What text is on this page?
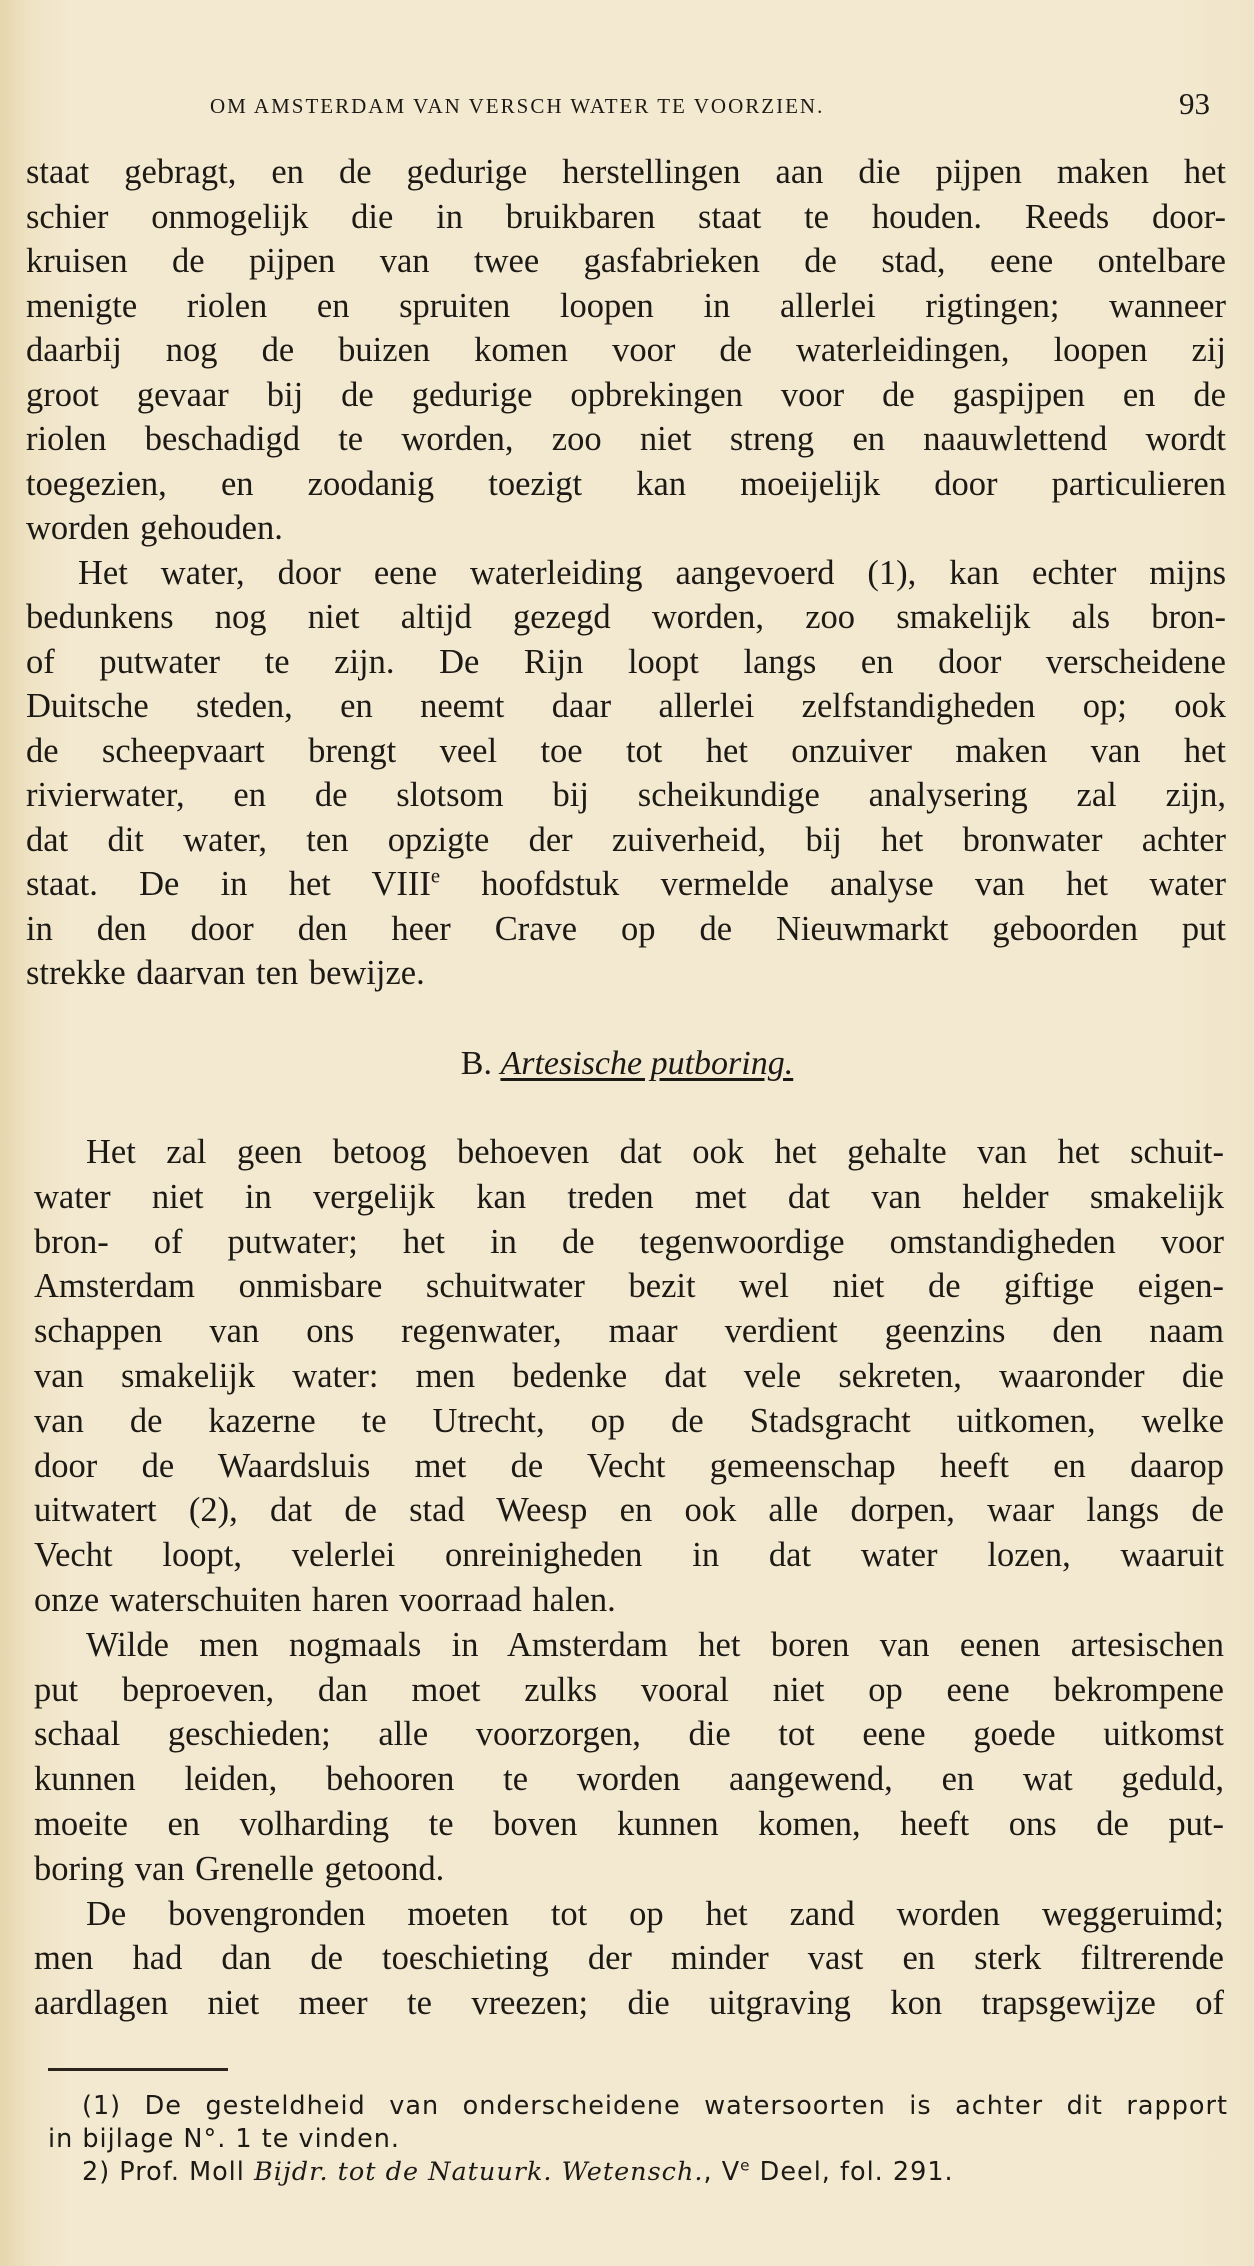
OM AMSTERDAM VAN VERSCH WATER TE VOORZIEN.	93
staat gebragt, en de gedurige herstellingen aan die pijpen maken het
schier onmogelijk die in bruikbaren staat te houden. Reeds door-
kruisen de pijpen van twee gasfabrieken de stad, eene ontelbare
menigte riolen en spruiten loopen in allerlei rigtingen; wanneer
daarbij nog de buizen komen voor de waterleidingen, loopen zij
groot gevaar bij de gedurige opbrekingen voor de gaspijpen en de
riolen beschadigd te worden, zoo niet streng en naauwlettend wordt
toegezien, en zoodanig toezigt kan moeijelijk door particulieren
worden gehouden.
Het water, door eene waterleiding aangevoerd (1), kan echter mijns
bedunkens nog niet altijd gezegd worden, zoo smakelijk als bron-
of putwater te zijn. De Rijn loopt langs en door verscheidene
Duitsche steden, en neemt daar allerlei zelfstandigheden op; ook
de scheepvaart brengt veel toe tot het onzuiver maken van het
rivierwater, en de slotsom bij scheikundige analysering zal zijn,
dat dit water, ten opzigte der zuiverheid, bij het bronwater achter
staat. De in het VIIIe hoofdstuk vermelde analyse van het water
in den door den heer Crave op de Nieuwmarkt geboorden put
strekke daarvan ten bewijze.
B. Artesische putboring.
Het zal geen betoog behoeven dat ook het gehalte van het schuit-
water niet in vergelijk kan treden met dat van helder smakelijk
bron- of putwater; het in de tegenwoordige omstandigheden voor
Amsterdam onmisbare schuitwater bezit wel niet de giftige eigen-
schappen van ons regenwater, maar verdient geenzins den naam
van smakelijk water: men bedenke dat vele sekreten, waaronder die
van de kazerne te Utrecht, op de Stadsgracht uitkomen, welke
door de Waardsluis met de Vecht gemeenschap heeft en daarop
uitwatert (2), dat de stad Weesp en ook alle dorpen, waar langs de
Vecht loopt, velerlei onreinigheden in dat water lozen, waaruit
onze waterschuiten haren voorraad halen.
Wilde men nogmaals in Amsterdam het boren van eenen artesischen
put beproeven, dan moet zulks vooral niet op eene bekrompene
schaal geschieden; alle voorzorgen, die tot eene goede uitkomst
kunnen leiden, behooren te worden aangewend, en wat geduld,
moeite en volharding te boven kunnen komen, heeft ons de put-
boring van Grenelle getoond.
De bovengronden moeten tot op het zand worden weggeruimd;
men had dan de toeschieting der minder vast en sterk filtrerende
aardlagen niet meer te vreezen; die uitgraving kon trapsgewijze of
(1) De gesteldheid van onderscheidene watersoorten is achter dit rapport
in bijlage N°. 1 te vinden.
2) Prof. Moll Bijdr. tot de Natuurk. Wetensch., Ve Deel, fol. 291.
